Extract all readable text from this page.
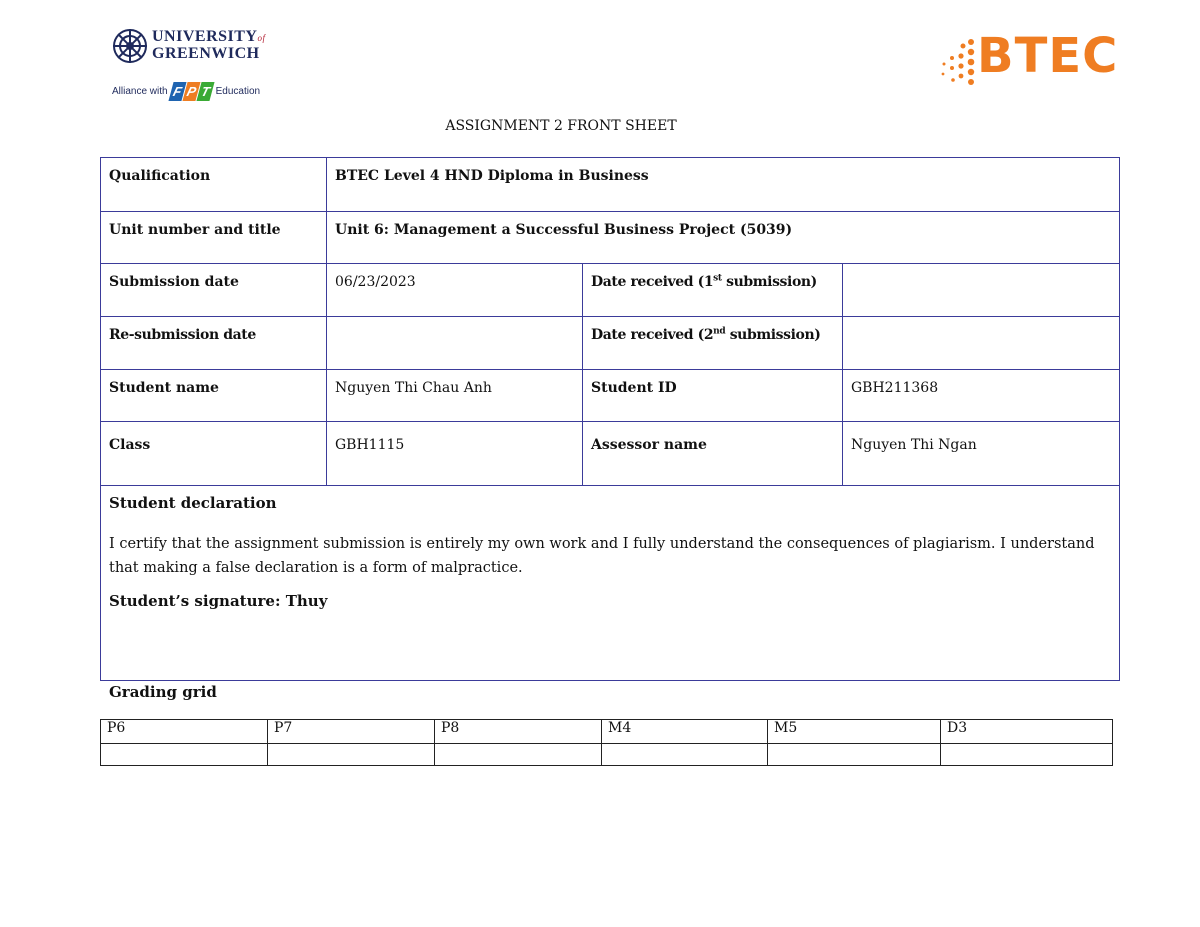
UNIVERSITYof
GREENWICH
Alliance with F P T Education
BTEC
ASSIGNMENT 2 FRONT SHEET
Qualification	BTEC Level 4 HND Diploma in Business		
Unit number and title	Unit 6: Management a Successful Business Project (5039)		
Submission date	06/23/2023	Date received (1st submission)	
Re-submission date		Date received (2nd submission)	
Student name	Nguyen Thi Chau Anh	Student ID	GBH211368
Class	GBH1115	Assessor name	Nguyen Thi Ngan

Student declaration

I certify that the assignment submission is entirely my own work and I fully understand the consequences of plagiarism. I understand that making a false declaration is a form of malpractice.

Student’s signature: Thuy			

Grading grid
P6	P7	P8	M4	M5	D3
